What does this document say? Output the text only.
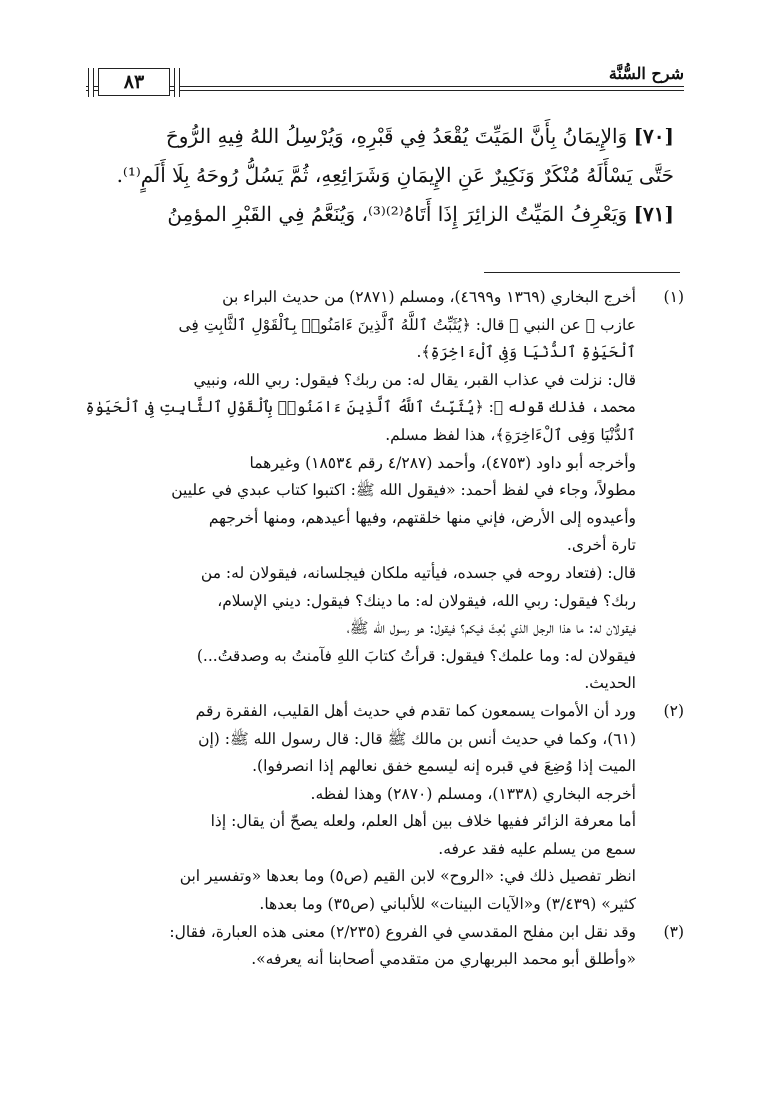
شرح السُّنَّة
٨٣

[٧٠] وَالإِيمَانُ بِأَنَّ المَيِّتَ يُقْعَدُ فِي قَبْرِهِ، وَيُرْسِلُ اللهُ فِيهِ الرُّوحَ

حَتَّى يَسْأَلَهُ مُنْكَرٌ وَنَكِيرٌ عَنِ الإِيمَانِ وَشَرَائِعِهِ، ثُمَّ يَسُلُّ رُوحَهُ بِلَا أَلَمٍ⁽¹⁾.

[٧١] وَيَعْرِفُ المَيِّتُ الزائِرَ إِذَا أَتَاهُ⁽²⁾⁽³⁾، وَيُنَعَّمُ فِي القَبْرِ المؤمِنُ

(١)

أخرج البخاري (١٣٦٩ و٤٦٩٩)، ومسلم (٢٨٧١) من حديث البراء بن

عازب ﷺ عن النبي ﷺ قال: ﴿يُثَبِّتُ ٱللَّهُ ٱلَّذِينَ ءَامَنُوا۟ بِٱلْقَوْلِ ٱلثَّابِتِ فِى

ٱلْحَيَوٰةِ ٱلدُّنْيَا وَفِى ٱلْءَاخِرَةِ﴾.

قال: نزلت في عذاب القبر، يقال له: من ربك؟ فيقول: ربي الله، ونبيي

محمد، فذلك قوله ﷺ: ﴿يُثَبِّتُ ٱللَّهُ ٱلَّذِينَ ءَامَنُوا۟ بِٱلْقَوْلِ ٱلثَّابِتِ فِى ٱلْحَيَوٰةِ

ٱلدُّنْيَا وَفِى ٱلْءَاخِرَةِ﴾، هذا لفظ مسلم.

وأخرجه أبو داود (٤٧٥٣)، وأحمد (٤/٢٨٧ رقم ١٨٥٣٤) وغيرهما

مطولاً، وجاء في لفظ أحمد: «فيقول الله ﷺ: اكتبوا كتاب عبدي في عليين

وأعيدوه إلى الأرض، فإني منها خلقتهم، وفيها أعيدهم، ومنها أخرجهم

تارة أخرى.

قال: (فتعاد روحه في جسده، فيأتيه ملكان فيجلسانه، فيقولان له: من

ربك؟ فيقول: ربي الله، فيقولان له: ما دينك؟ فيقول: ديني الإسلام،

فيقولان له: ما هذا الرجل الذي بُعِثَ فيكم؟ فيقول: هو رسول الله ﷺ،

فيقولان له: وما علمك؟ فيقول: قرأتُ كتابَ اللهِ فآمنتُ به وصدقتُ...)

الحديث.

(٢)

ورد أن الأموات يسمعون كما تقدم في حديث أهل القليب، الفقرة رقم

(٦١)، وكما في حديث أنس بن مالك ﷺ قال: قال رسول الله ﷺ: (إن

الميت إذا وُضِعَ في قبره إنه ليسمع خفق نعالهم إذا انصرفوا).

أخرجه البخاري (١٣٣٨)، ومسلم (٢٨٧٠) وهذا لفظه.

أما معرفة الزائر ففيها خلاف بين أهل العلم، ولعله يصحّ أن يقال: إذا

سمع من يسلم عليه فقد عرفه.

انظر تفصيل ذلك في: «الروح» لابن القيم (ص٥) وما بعدها «وتفسير ابن

كثير» (٣/٤٣٩) و«الآيات البينات» للألباني (ص٣٥) وما بعدها.

(٣)

وقد نقل ابن مفلح المقدسي في الفروع (٢/٢٣٥) معنى هذه العبارة، فقال:

«وأطلق أبو محمد البربهاري من متقدمي أصحابنا أنه يعرفه».
